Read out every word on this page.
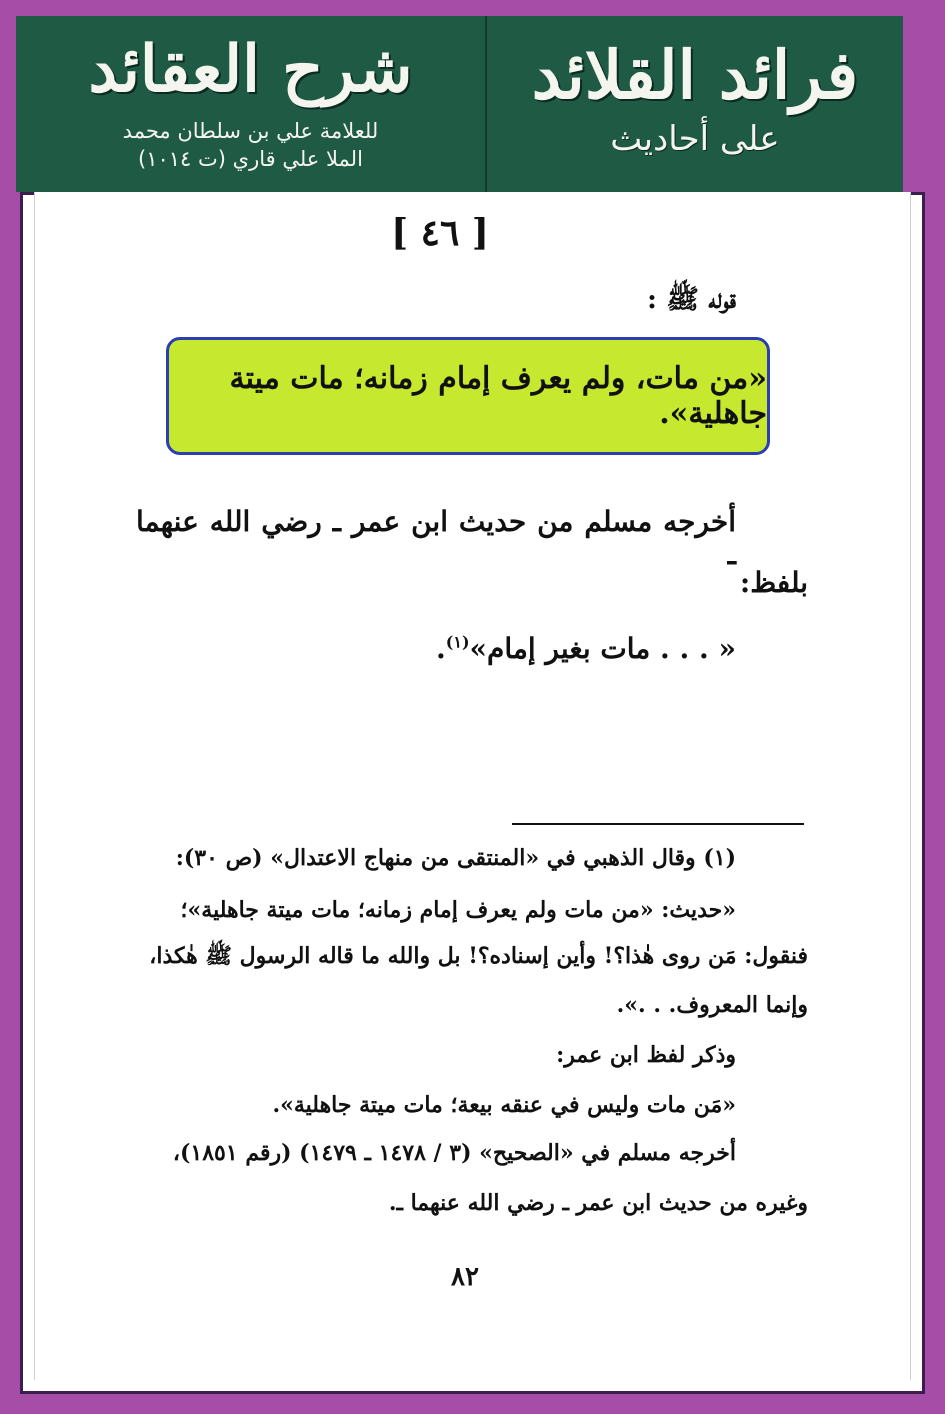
شرح العقائد
للعلامة علي بن سلطان محمد
الملا علي قاري (ت ١٠١٤)
فرائد القلائد
على أحاديث
[ ٤٦ ]
قوله ﷺ :
«من مات، ولم يعرف إمام زمانه؛ مات ميتة جاهلية».
أخرجه مسلم من حديث ابن عمر ـ رضي الله عنهما ـ
بلفظ:
« . . . مات بغير إمام»$^{(١)}$.
(١) وقال الذهبي في «المنتقى من منهاج الاعتدال» (ص ٣٠):
«حديث: «من مات ولم يعرف إمام زمانه؛ مات ميتة جاهلية»؛
فنقول: مَن روى هٰذا؟! وأين إسناده؟! بل والله ما قاله الرسول ﷺ هٰكذا،
وإنما المعروف. . .».
وذكر لفظ ابن عمر:
«مَن مات وليس في عنقه بيعة؛ مات ميتة جاهلية».
أخرجه مسلم في «الصحيح» (٣ / ١٤٧٨ ـ ١٤٧٩) (رقم ١٨٥١)،
وغيره من حديث ابن عمر ـ رضي الله عنهما ـ.
٨٢
